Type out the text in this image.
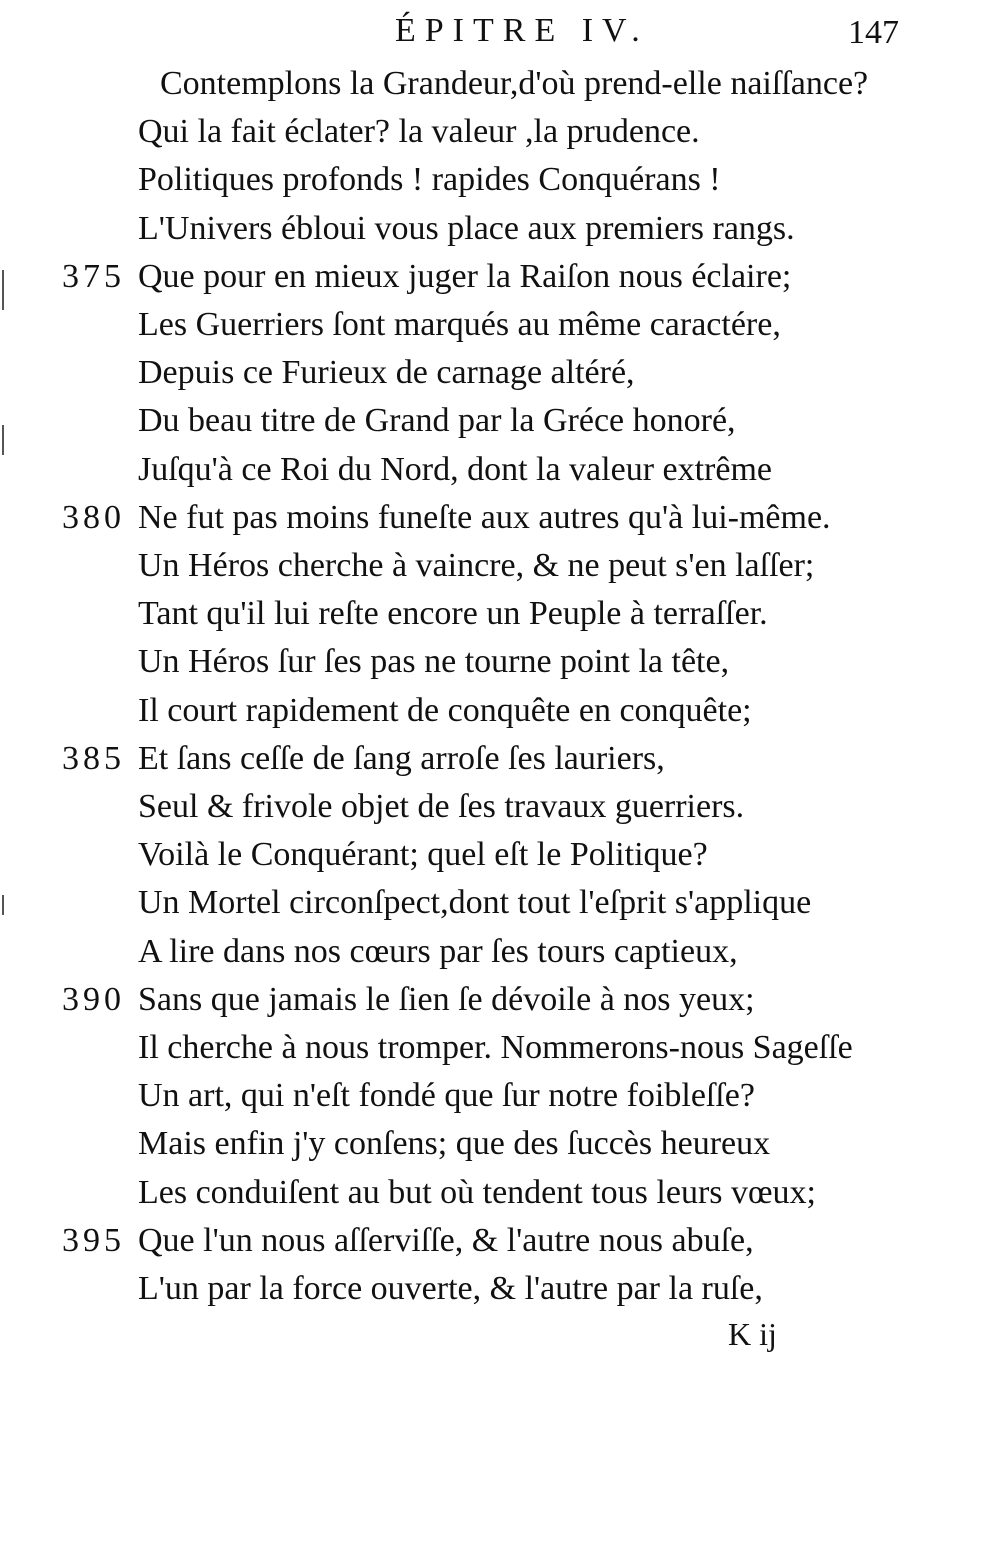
ÉPITRE IV.	147
Contemplons la Grandeur,d'où prend-elle naiſſance?
Qui la fait éclater? la valeur ,la prudence.
Politiques profonds ! rapides Conquérans !
L'Univers ébloui vous place aux premiers rangs.
375 Que pour en mieux juger la Raiſon nous éclaire;
Les Guerriers ſont marqués au même caractére,
Depuis ce Furieux de carnage altéré,
Du beau titre de Grand par la Gréce honoré,
Juſqu'à ce Roi du Nord, dont la valeur extrême
380 Ne fut pas moins funeſte aux autres qu'à lui-même.
Un Héros cherche à vaincre, & ne peut s'en laſſer;
Tant qu'il lui reſte encore un Peuple à terraſſer.
Un Héros ſur ſes pas ne tourne point la tête,
Il court rapidement de conquête en conquête;
385 Et ſans ceſſe de ſang arroſe ſes lauriers,
Seul & frivole objet de ſes travaux guerriers.
Voilà le Conquérant; quel eſt le Politique?
Un Mortel circonſpect,dont tout l'eſprit s'applique
A lire dans nos cœurs par ſes tours captieux,
390 Sans que jamais le ſien ſe dévoile à nos yeux;
Il cherche à nous tromper. Nommerons-nous Sageſſe
Un art, qui n'eſt fondé que ſur notre foibleſſe?
Mais enfin j'y conſens; que des ſuccès heureux
Les conduiſent au but où tendent tous leurs vœux;
395 Que l'un nous aſſerviſſe, & l'autre nous abuſe,
L'un par la force ouverte, & l'autre par la ruſe,
K ij
